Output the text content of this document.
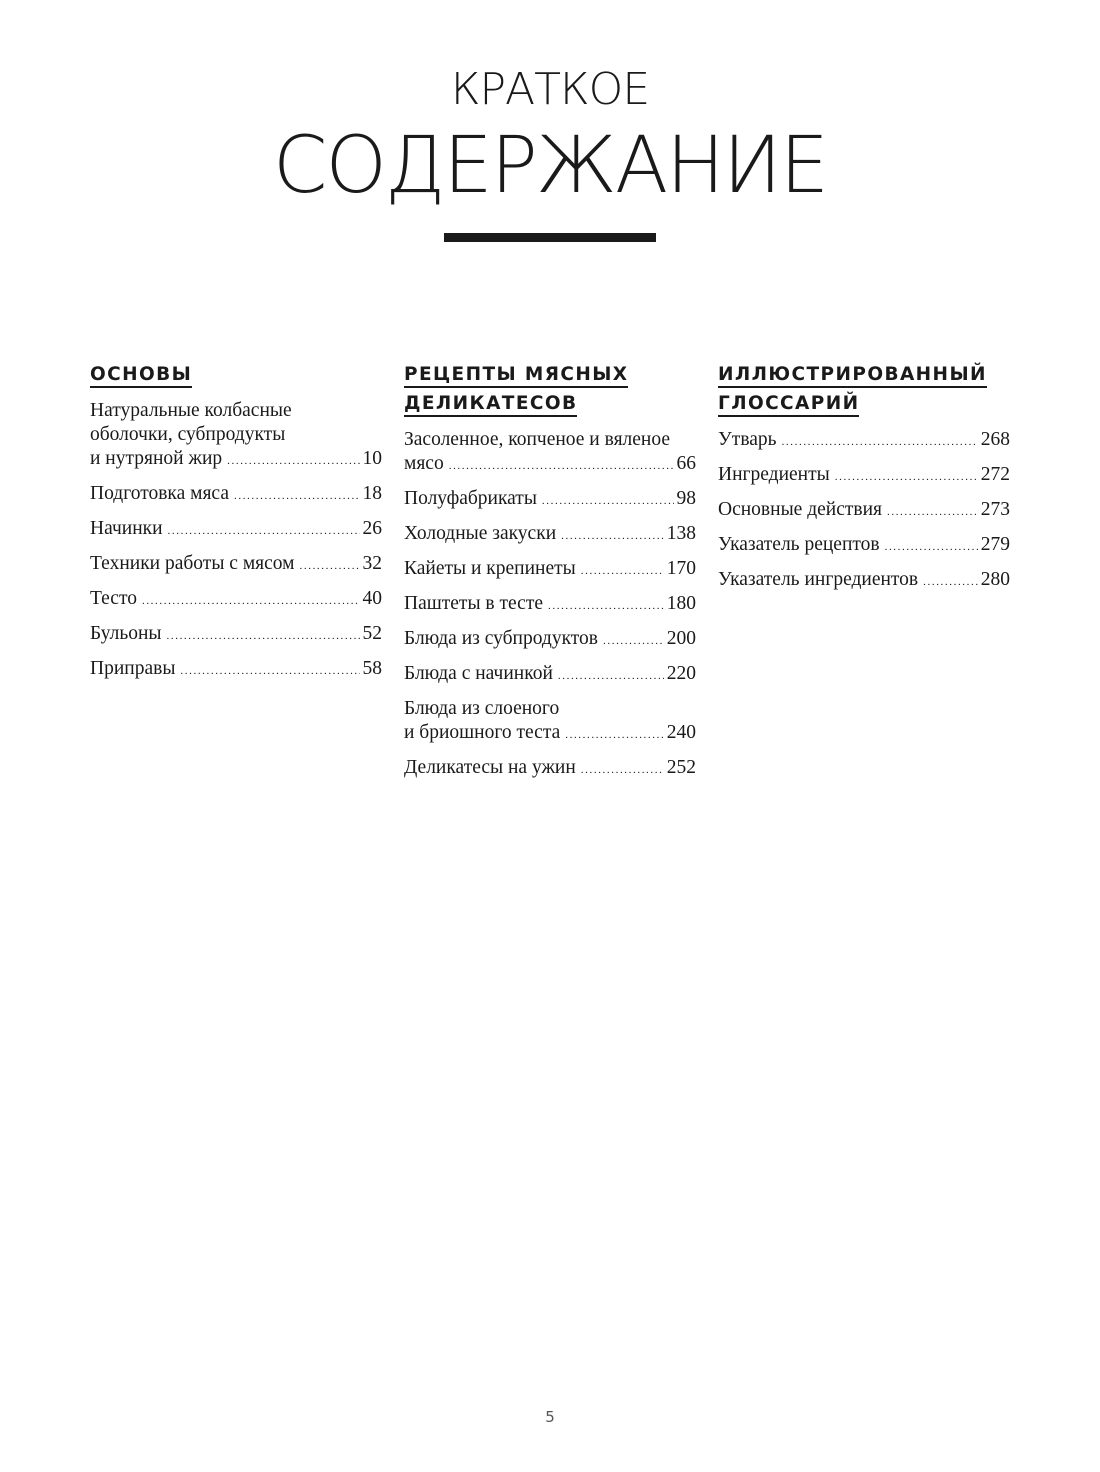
КРАТКОЕ
СОДЕРЖАНИЕ
ОСНОВЫ
Натуральные колбасные
оболочки, субпродукты
и нутряной жир .....	10
Подготовка мяса .....	18
Начинки .....	26
Техники работы с мясом .....	32
Тесто .....	40
Бульоны .....	52
Приправы .....	58
РЕЦЕПТЫ МЯСНЫХ
ДЕЛИКАТЕСОВ
Засоленное, копченое и вяленое
мясо .....	66
Полуфабрикаты .....	98
Холодные закуски .....	138
Кайеты и крепинеты .....	170
Паштеты в тесте .....	180
Блюда из субпродуктов .....	200
Блюда с начинкой .....	220
Блюда из слоеного
и бриошного теста .....	240
Деликатесы на ужин .....	252
ИЛЛЮСТРИРОВАННЫЙ
ГЛОССАРИЙ
Утварь .....	268
Ингредиенты .....	272
Основные действия .....	273
Указатель рецептов .....	279
Указатель ингредиентов .....	280
5
